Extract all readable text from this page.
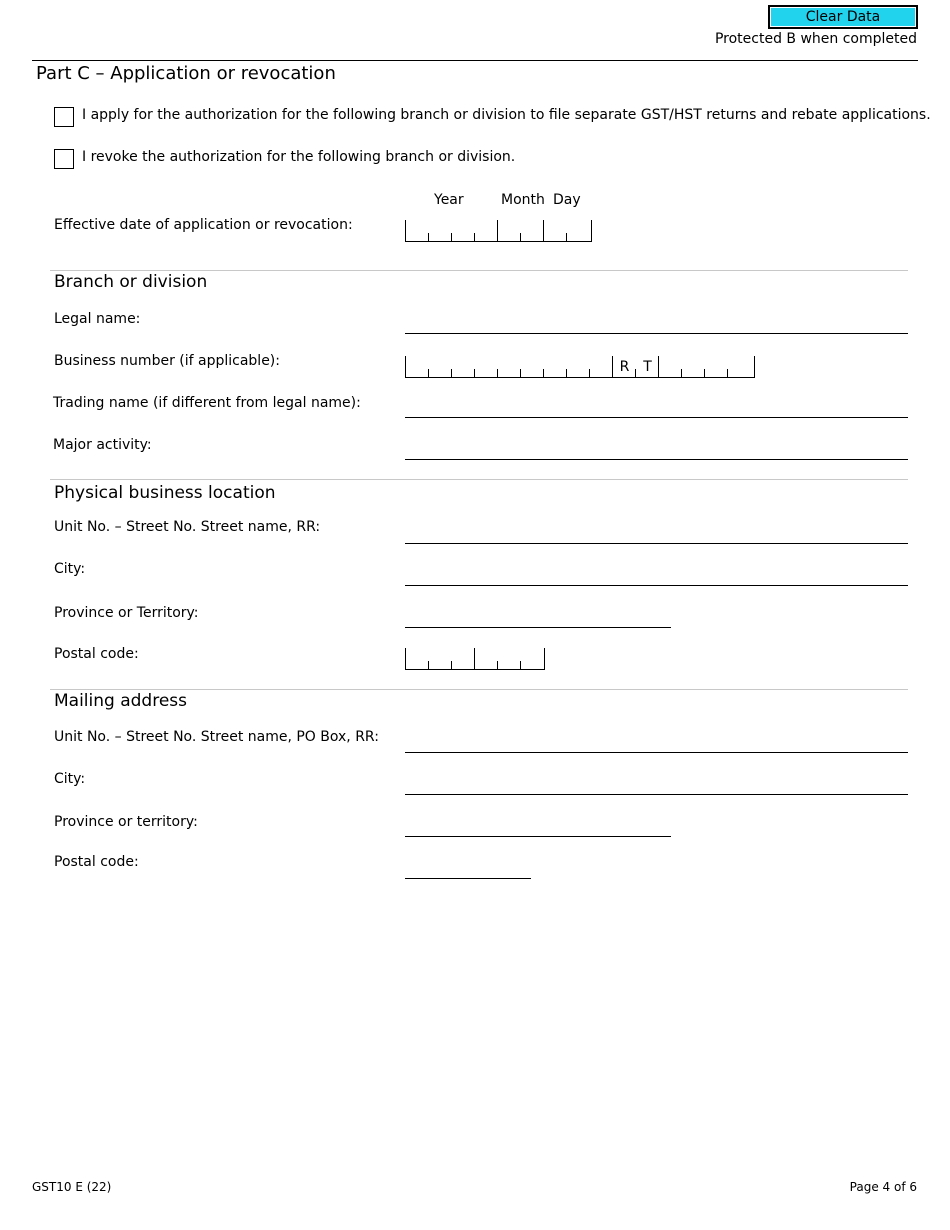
Clear Data
Protected B when completed
Part C – Application or revocation
I apply for the authorization for the following branch or division to file separate GST/HST returns and rebate applications.
I revoke the authorization for the following branch or division.
Year	Month Day
Effective date of application or revocation:
Branch or division
Legal name:
Business number (if applicable):	R T
Trading name (if different from legal name):
Major activity:
Physical business location
Unit No. – Street No. Street name, RR:
City:
Province or Territory:
Postal code:
Mailing address
Unit No. – Street No. Street name, PO Box, RR:
City:
Province or territory:
Postal code:
GST10 E (22)	Page 4 of 6
